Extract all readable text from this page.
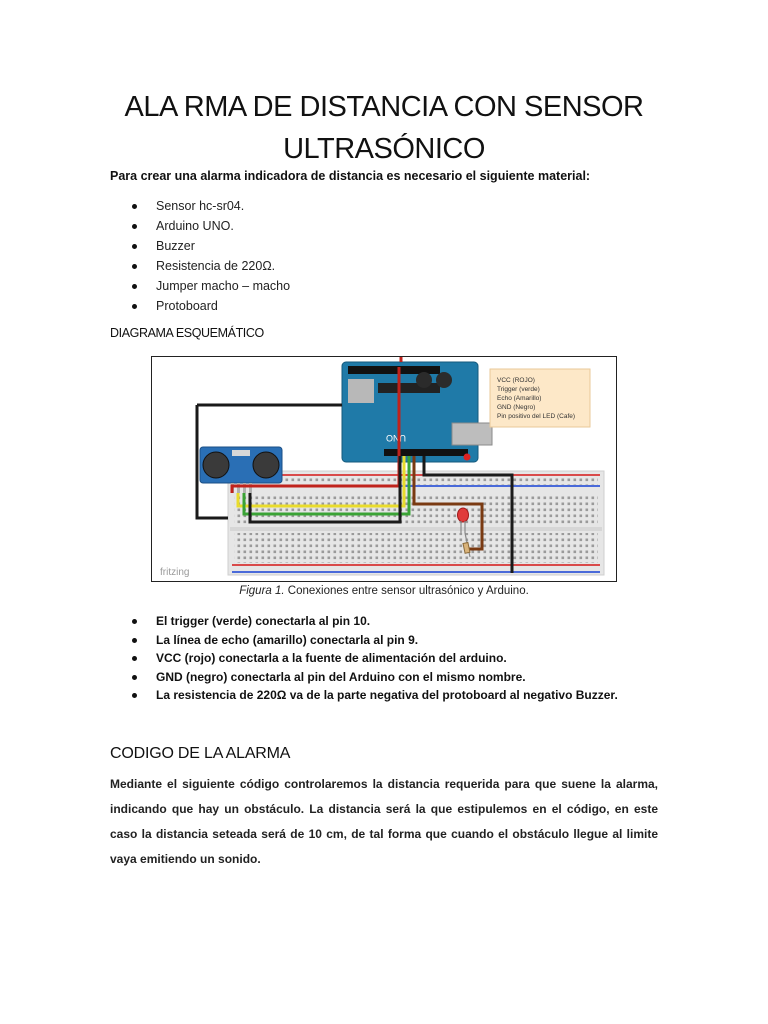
ALA RMA DE DISTANCIA CON SENSOR
ULTRASÓNICO
Para crear una alarma indicadora de distancia es necesario el siguiente material:
Sensor hc-sr04.
Arduino UNO.
Buzzer
Resistencia de 220Ω.
Jumper macho – macho
Protoboard
DIAGRAMA ESQUEMÁTICO
UNO
VCC (ROJO)
Trigger (verde)
Echo (Amarillo)
GND (Negro)
Pin positivo del LED (Cafe)
fritzing
Figura 1. Conexiones entre sensor ultrasónico y Arduino.
El trigger (verde) conectarla al pin 10.
La línea de echo (amarillo) conectarla al pin 9.
VCC (rojo) conectarla a la fuente de alimentación del arduino.
GND (negro) conectarla al pin del Arduino con el mismo nombre.
La resistencia de 220Ω va de la parte negativa del protoboard al negativo Buzzer.
CODIGO DE LA ALARMA
Mediante el siguiente código controlaremos la distancia requerida para que suene la alarma, indicando que hay un obstáculo. La distancia será la que estipulemos en el código, en este caso la distancia seteada será de 10 cm, de tal forma que cuando el obstáculo llegue al limite vaya emitiendo un sonido.
